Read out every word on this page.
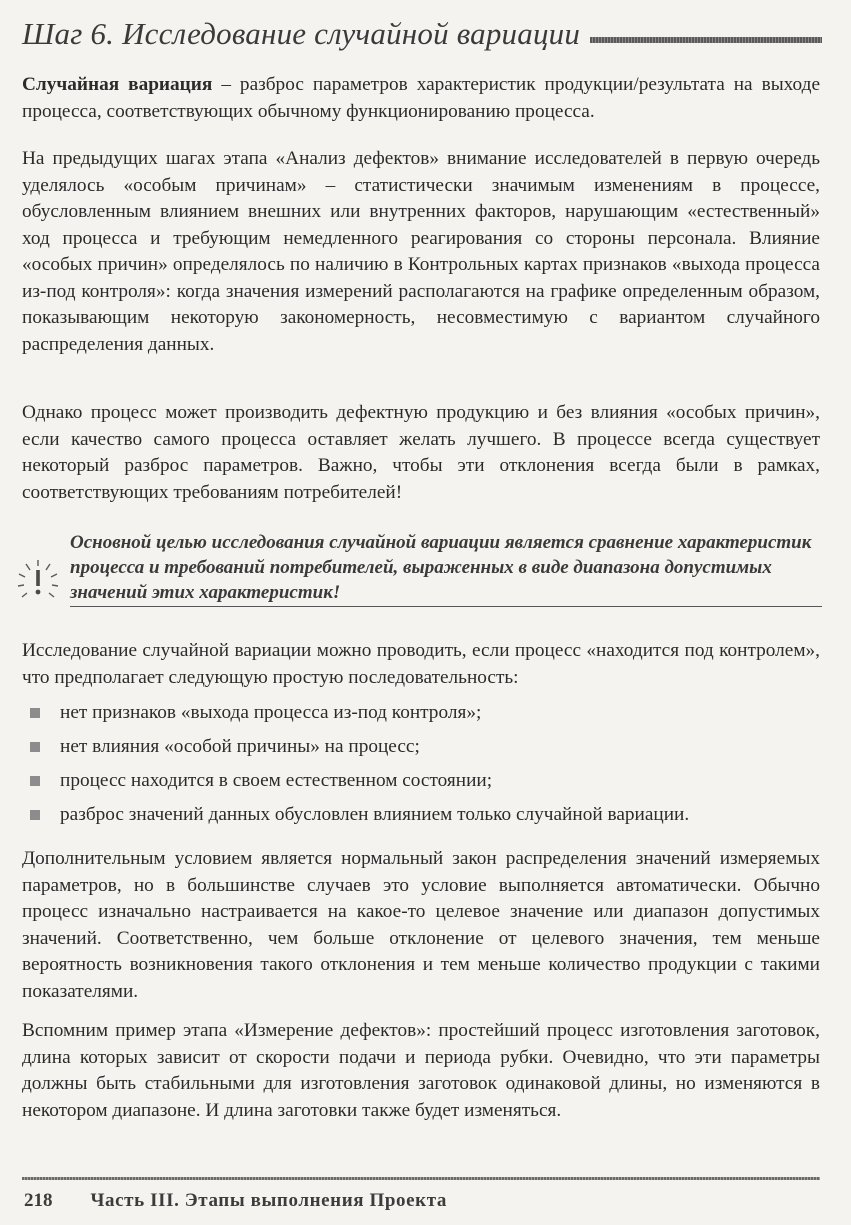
Шаг 6. Исследование случайной вариации
Случайная вариация – разброс параметров характеристик продукции/результата на выходе процесса, соответствующих обычному функционированию процесса.
На предыдущих шагах этапа «Анализ дефектов» внимание исследователей в первую очередь уделялось «особым причинам» – статистически значимым изменениям в процессе, обусловленным влиянием внешних или внутренних факторов, нарушающим «естественный» ход процесса и требующим немедленного реагирования со стороны персонала. Влияние «особых причин» определялось по наличию в Контрольных картах признаков «выхода процесса из-под контроля»: когда значения измерений располагаются на графике определенным образом, показывающим некоторую закономерность, несовместимую с вариантом случайного распределения данных.
Однако процесс может производить дефектную продукцию и без влияния «особых причин», если качество самого процесса оставляет желать лучшего. В процессе всегда существует некоторый разброс параметров. Важно, чтобы эти отклонения всегда были в рамках, соответствующих требованиям потребителей!
Основной целью исследования случайной вариации является сравнение характеристик процесса и требований потребителей, выраженных в виде диапазона допустимых значений этих характеристик!
Исследование случайной вариации можно проводить, если процесс «находится под контролем», что предполагает следующую простую последовательность:
нет признаков «выхода процесса из-под контроля»;
нет влияния «особой причины» на процесс;
процесс находится в своем естественном состоянии;
разброс значений данных обусловлен влиянием только случайной вариации.
Дополнительным условием является нормальный закон распределения значений измеряемых параметров, но в большинстве случаев это условие выполняется автоматически. Обычно процесс изначально настраивается на какое-то целевое значение или диапазон допустимых значений. Соответственно, чем больше отклонение от целевого значения, тем меньше вероятность возникновения такого отклонения и тем меньше количество продукции с такими показателями.
Вспомним пример этапа «Измерение дефектов»: простейший процесс изготовления заготовок, длина которых зависит от скорости подачи и периода рубки. Очевидно, что эти параметры должны быть стабильными для изготовления заготовок одинаковой длины, но изменяются в некотором диапазоне. И длина заготовки также будет изменяться.
218 Часть III. Этапы выполнения Проекта
